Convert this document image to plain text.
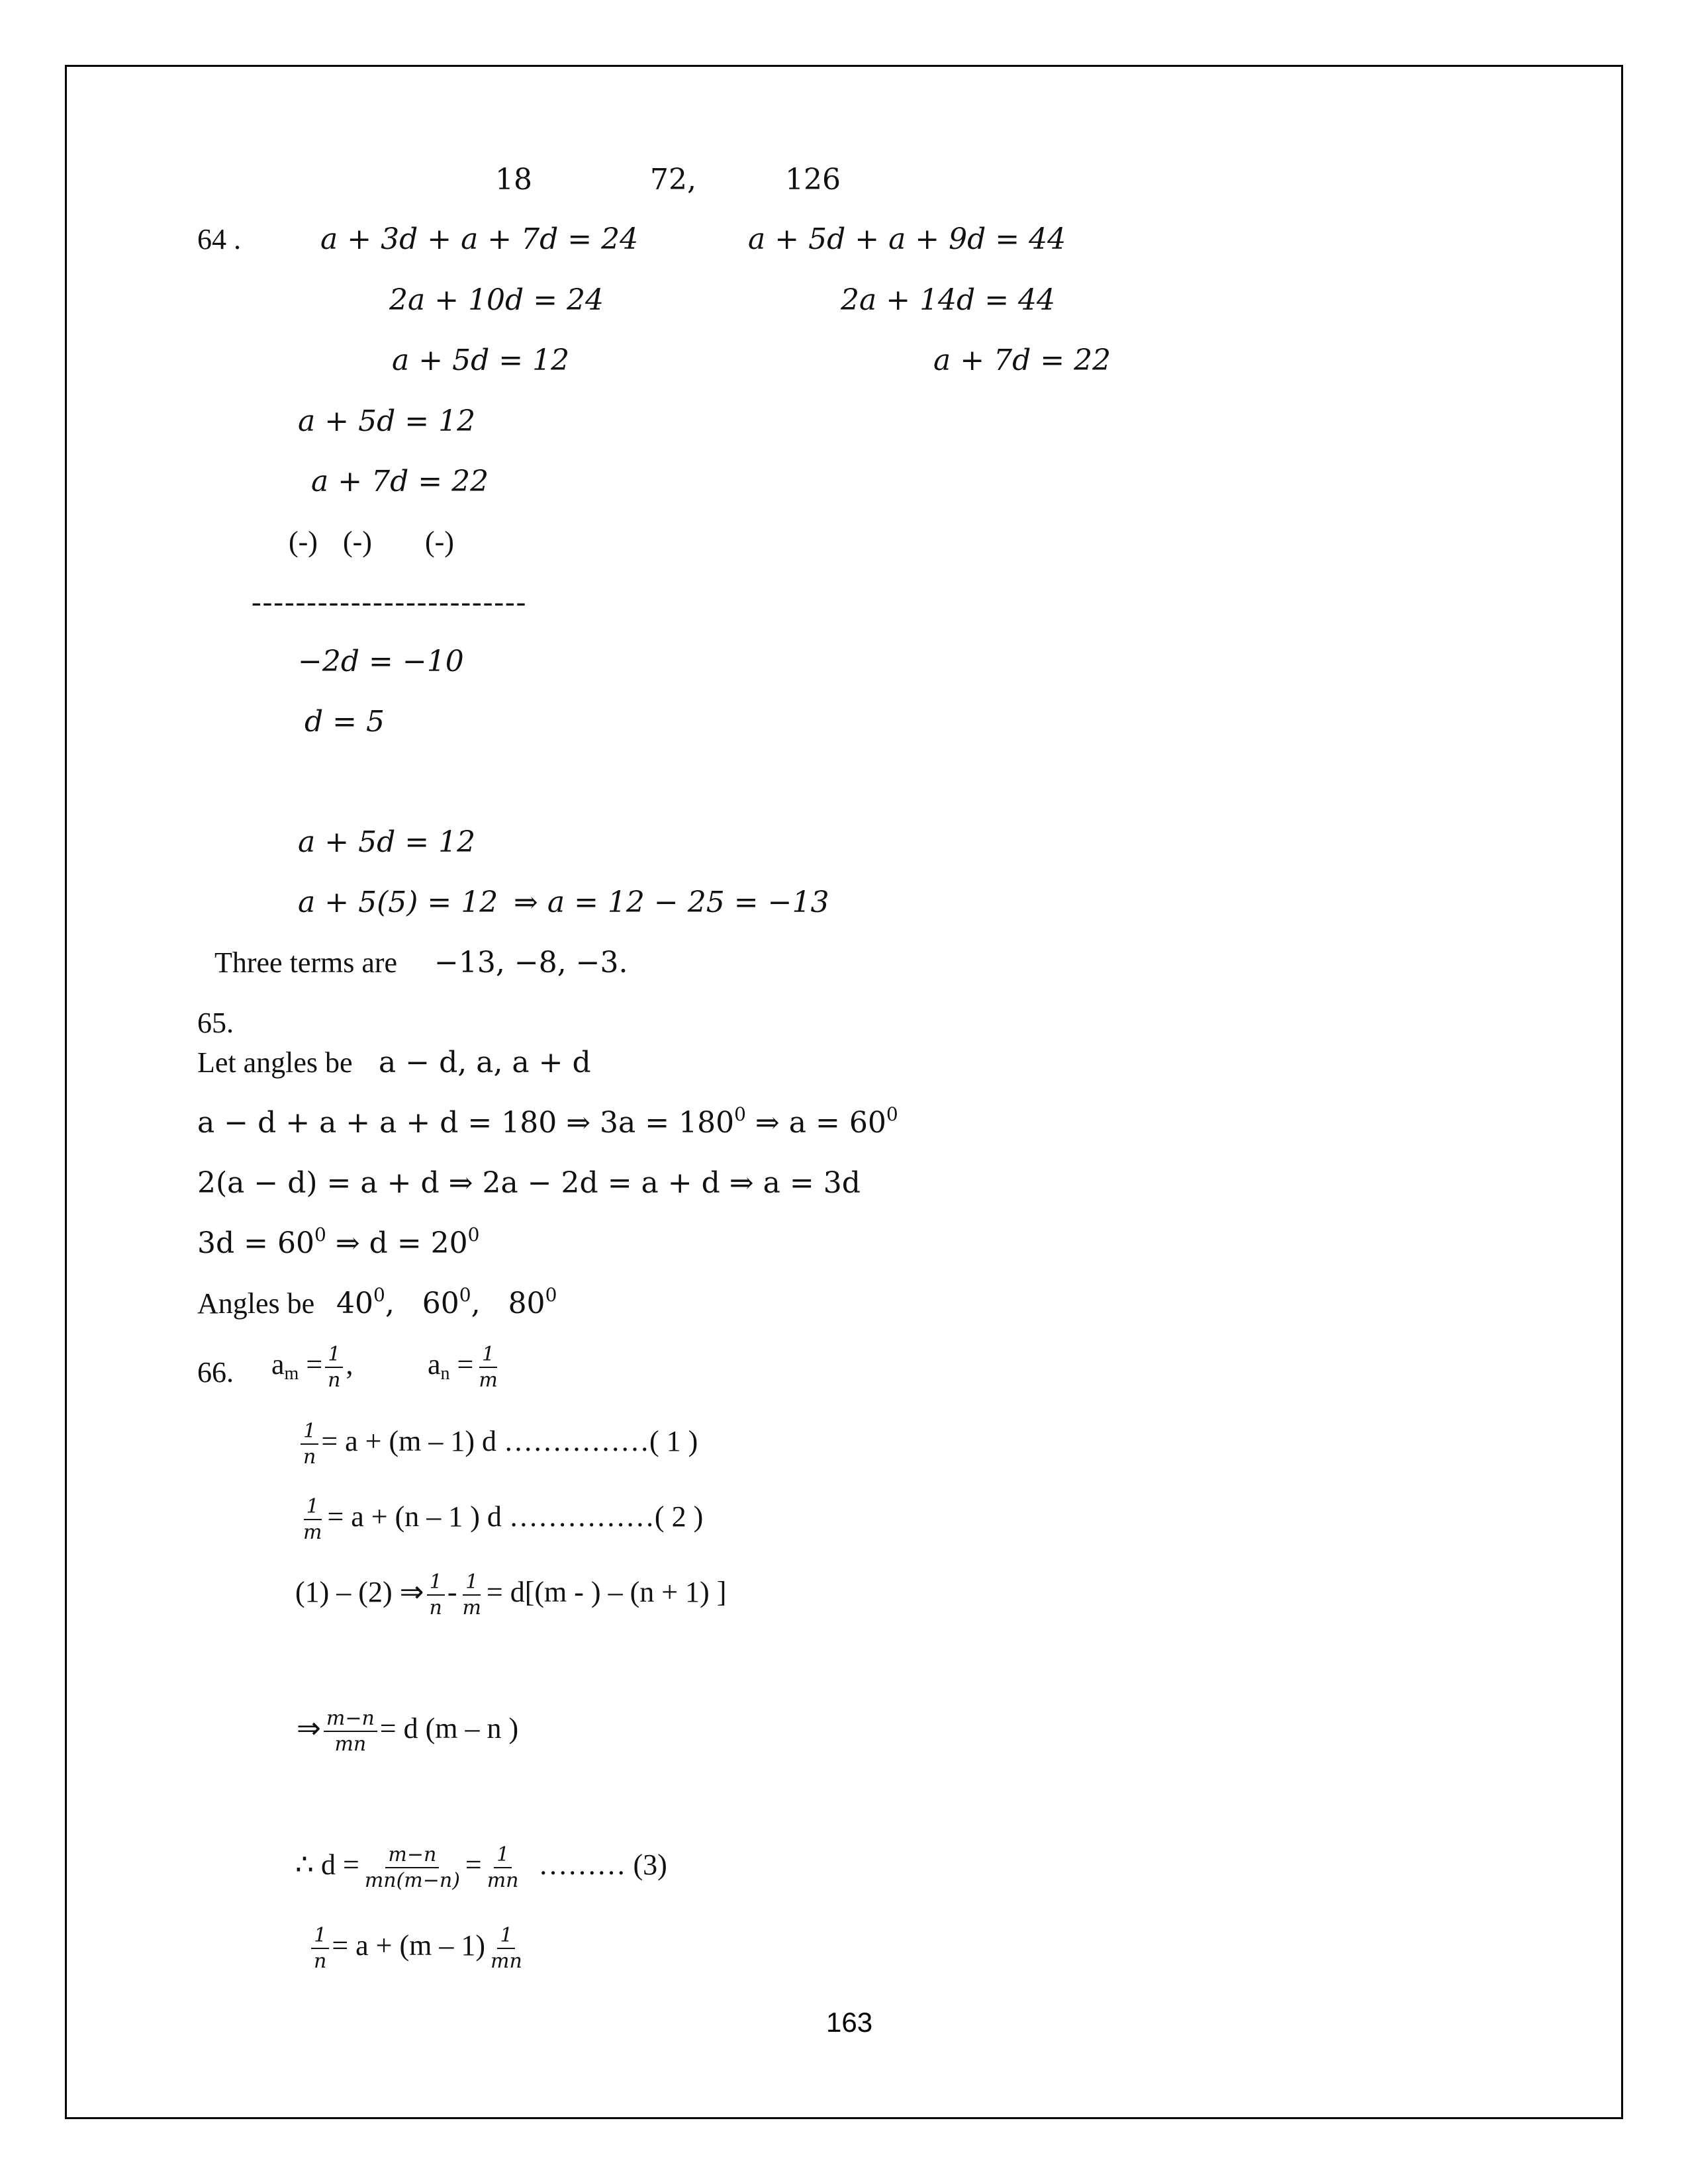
18	72,	126
64 .	a + 3d + a + 7d = 24	a + 5d + a + 9d = 44
2a + 10d = 24	2a + 14d = 44
a + 5d = 12	a + 7d = 22
a + 5d = 12
a + 7d = 22
(-) (-) (-)
-------------------------
−2d = −10
d = 5
a + 5d = 12
a + 5(5) = 12 ⇒ a = 12 − 25 = −13
Three terms are −13, −8, −3.
65.
Let angles be a − d, a, a + d
a − d + a + a + d = 180 ⇒ $3a = 180^0$ ⇒ $a = 60^0$
2(a − d) = a + d ⇒ 2a − 2d = a + d ⇒ a = 3d
$3d = 60^0$ ⇒ $d = 20^0$
Angles be $40^0$,   $60^0$,   $80^0$
66. $a_m = \frac{1}{n}$ ,	$a_n = \frac{1}{m}$
$\frac{1}{n} = a + (m - 1)$ d ……………( 1 )
$\frac{1}{m} = a + (n - 1$ ) d ……………( 2 )
(1) – (2) ⇒ $\frac{1}{n} - \frac{1}{m} = d[(m$ - ) – (n + 1) ]
⇒ $\frac{m-n}{mn} = d$ (m – n )
∴ $d = \frac{m-n}{mn(m-n)} = \frac{1}{mn}$ ……… (3)
$\frac{1}{n} = a + (m - 1) \frac{1}{mn}$
163
